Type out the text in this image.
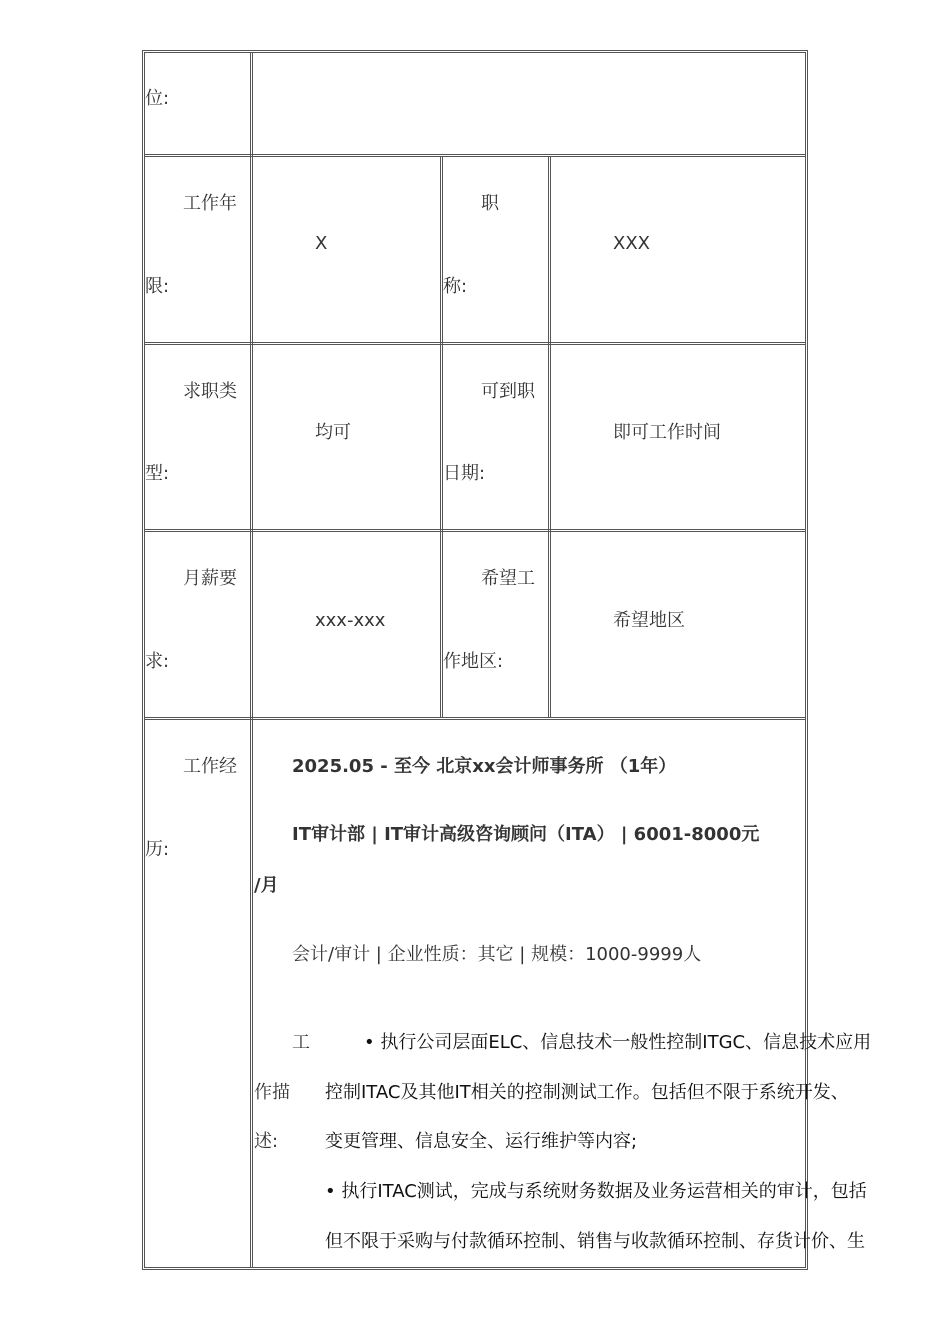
位:
工作年
限:
X
职
称:
XXX
求职类
型:
均可
可到职
日期:
即可工作时间
月薪要
求:
xxx-xxx
希望工
作地区:
希望地区
工作经
历:
2025.05 - 至今 北京xx会计师事务所 （1年）
IT审计部 | IT审计高级咨询顾问（ITA） | 6001-8000元
/月
会计/审计 | 企业性质：其它 | 规模：1000-9999人
工
作描
述:
• 执行公司层面ELC、信息技术一般性控制ITGC、信息技术应用
控制ITAC及其他IT相关的控制测试工作。包括但不限于系统开发、
变更管理、信息安全、运行维护等内容;
• 执行ITAC测试，完成与系统财务数据及业务运营相关的审计，包括
但不限于采购与付款循环控制、销售与收款循环控制、存货计价、生
